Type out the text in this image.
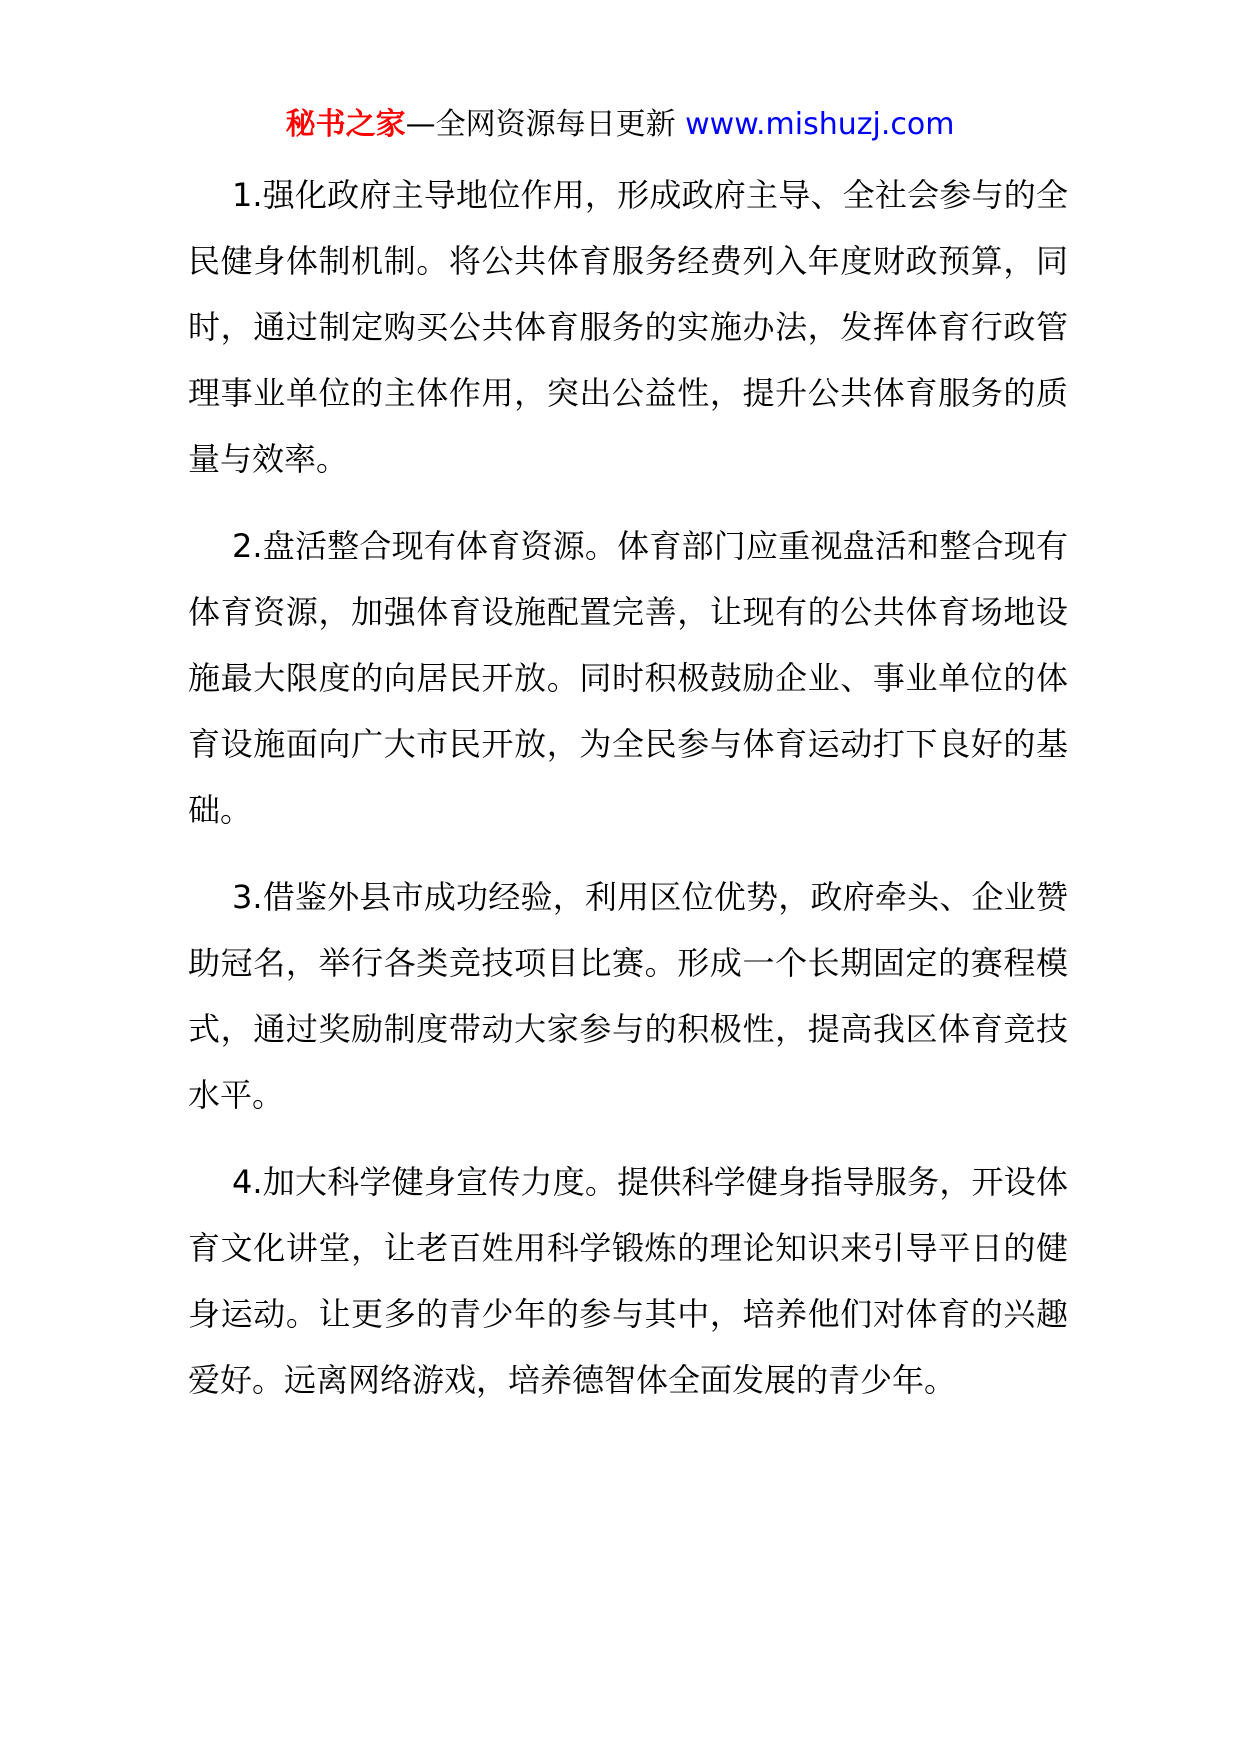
秘书之家—全网资源每日更新 www.mishuzj.com

1.强化政府主导地位作用，形成政府主导、全社会参与的全民健身体制机制。将公共体育服务经费列入年度财政预算，同时，通过制定购买公共体育服务的实施办法，发挥体育行政管理事业单位的主体作用，突出公益性，提升公共体育服务的质量与效率。

2.盘活整合现有体育资源。体育部门应重视盘活和整合现有体育资源，加强体育设施配置完善，让现有的公共体育场地设施最大限度的向居民开放。同时积极鼓励企业、事业单位的体育设施面向广大市民开放，为全民参与体育运动打下良好的基础。

3.借鉴外县市成功经验，利用区位优势，政府牵头、企业赞助冠名，举行各类竞技项目比赛。形成一个长期固定的赛程模式，通过奖励制度带动大家参与的积极性，提高我区体育竞技水平。

4.加大科学健身宣传力度。提供科学健身指导服务，开设体育文化讲堂，让老百姓用科学锻炼的理论知识来引导平日的健身运动。让更多的青少年的参与其中，培养他们对体育的兴趣爱好。远离网络游戏，培养德智体全面发展的青少年。
